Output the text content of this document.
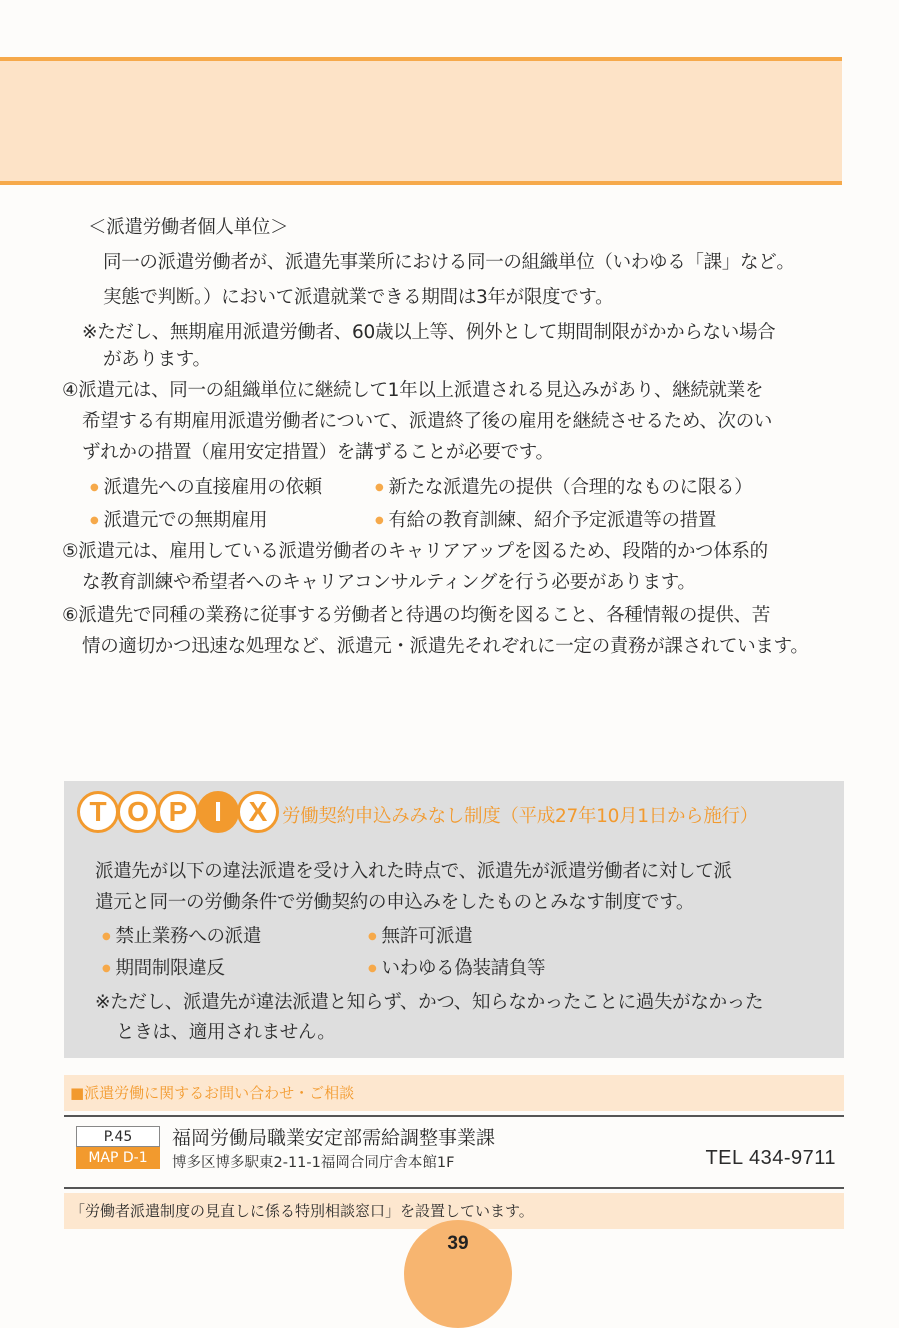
＜派遣労働者個人単位＞
同一の派遣労働者が、派遣先事業所における同一の組織単位（いわゆる「課」など。
実態で判断。）において派遣就業できる期間は3年が限度です。
※ただし、無期雇用派遣労働者、60歳以上等、例外として期間制限がかからない場合
があります。
④派遣元は、同一の組織単位に継続して1年以上派遣される見込みがあり、継続就業を
希望する有期雇用派遣労働者について、派遣終了後の雇用を継続させるため、次のい
ずれかの措置（雇用安定措置）を講ずることが必要です。
● 派遣先への直接雇用の依頼	● 新たな派遣先の提供（合理的なものに限る）
● 派遣元での無期雇用	● 有給の教育訓練、紹介予定派遣等の措置
⑤派遣元は、雇用している派遣労働者のキャリアアップを図るため、段階的かつ体系的
な教育訓練や希望者へのキャリアコンサルティングを行う必要があります。
⑥派遣先で同種の業務に従事する労働者と待遇の均衡を図ること、各種情報の提供、苦
情の適切かつ迅速な処理など、派遣元・派遣先それぞれに一定の責務が課されています。
T O P I X 労働契約申込みみなし制度（平成27年10月1日から施行）
派遣先が以下の違法派遣を受け入れた時点で、派遣先が派遣労働者に対して派
遣元と同一の労働条件で労働契約の申込みをしたものとみなす制度です。
● 禁止業務への派遣	● 無許可派遣
● 期間制限違反	● いわゆる偽装請負等
※ただし、派遣先が違法派遣と知らず、かつ、知らなかったことに過失がなかった
ときは、適用されません。
■派遣労働に関するお問い合わせ・ご相談
P.45
MAP D-1
福岡労働局職業安定部需給調整事業課
博多区博多駅東2-11-1福岡合同庁舎本館1F	TEL 434-9711
「労働者派遣制度の見直しに係る特別相談窓口」を設置しています。
39
